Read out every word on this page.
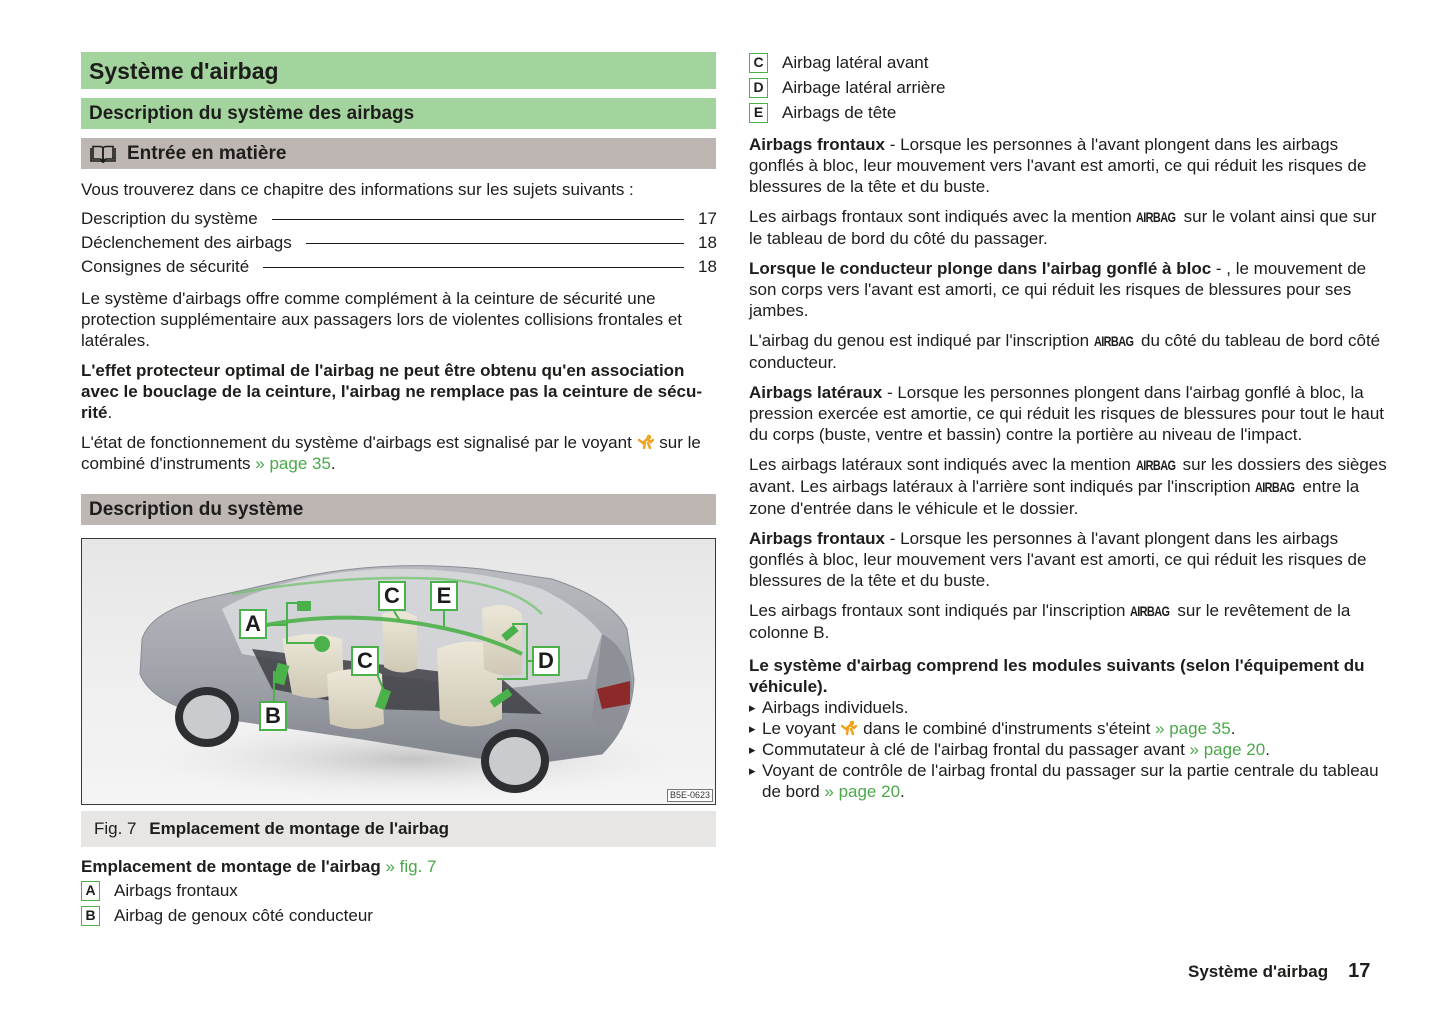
Système d'airbag
Description du système des airbags
Entrée en matière

Vous trouverez dans ce chapitre des informations sur les sujets suivants :

Description du système	17
Déclenchement des airbags	18
Consignes de sécurité	18

Le système d'airbags offre comme complément à la ceinture de sécurité une protection supplémentaire aux passagers lors de violentes collisions frontales et latérales.

L'effet protecteur optimal de l'airbag ne peut être obtenu qu'en association avec le bouclage de la ceinture, l'airbag ne remplace pas la ceinture de sécurité.

L'état de fonctionnement du système d'airbags est signalisé par le voyant  sur le combiné d'instruments » page 35.

Description du système
A
B
C
C	D
E
B5E-0623
Fig. 7 Emplacement de montage de l'airbag
Emplacement de montage de l'airbag » fig. 7
A Airbags frontaux
B Airbag de genoux côté conducteur
C Airbag latéral avant
D Airbage latéral arrière
E Airbags de tête

Airbags frontaux - Lorsque les personnes à l'avant plongent dans les airbags gonflés à bloc, leur mouvement vers l'avant est amorti, ce qui réduit les risques de blessures de la tête et du buste.

Les airbags frontaux sont indiqués avec la mention AIRBAG sur le volant ainsi que sur le tableau de bord du côté du passager.

Lorsque le conducteur plonge dans l'airbag gonflé à bloc - , le mouvement de son corps vers l'avant est amorti, ce qui réduit les risques de blessures pour ses jambes.

L'airbag du genou est indiqué par l'inscription AIRBAG du côté du tableau de bord côté conducteur.

Airbags latéraux - Lorsque les personnes plongent dans l'airbag gonflé à bloc, la pression exercée est amortie, ce qui réduit les risques de blessures pour tout le haut du corps (buste, ventre et bassin) contre la portière au niveau de l'impact.

Les airbags latéraux sont indiqués avec la mention AIRBAG sur les dossiers des sièges avant. Les airbags latéraux à l'arrière sont indiqués par l'inscription AIRBAG entre la zone d'entrée dans le véhicule et le dossier.

Airbags frontaux - Lorsque les personnes à l'avant plongent dans les airbags gonflés à bloc, leur mouvement vers l'avant est amorti, ce qui réduit les risques de blessures de la tête et du buste.

Les airbags frontaux sont indiqués par l'inscription AIRBAG sur le revêtement de la colonne B.

Le système d'airbag comprend les modules suivants (selon l'équipement du véhicule).

▸ Airbags individuels.
▸ Le voyant  dans le combiné d'instruments s'éteint » page 35.
▸ Commutateur à clé de l'airbag frontal du passager avant » page 20.
▸ Voyant de contrôle de l'airbag frontal du passager sur la partie centrale du tableau de bord » page 20.
Système d'airbag 17
